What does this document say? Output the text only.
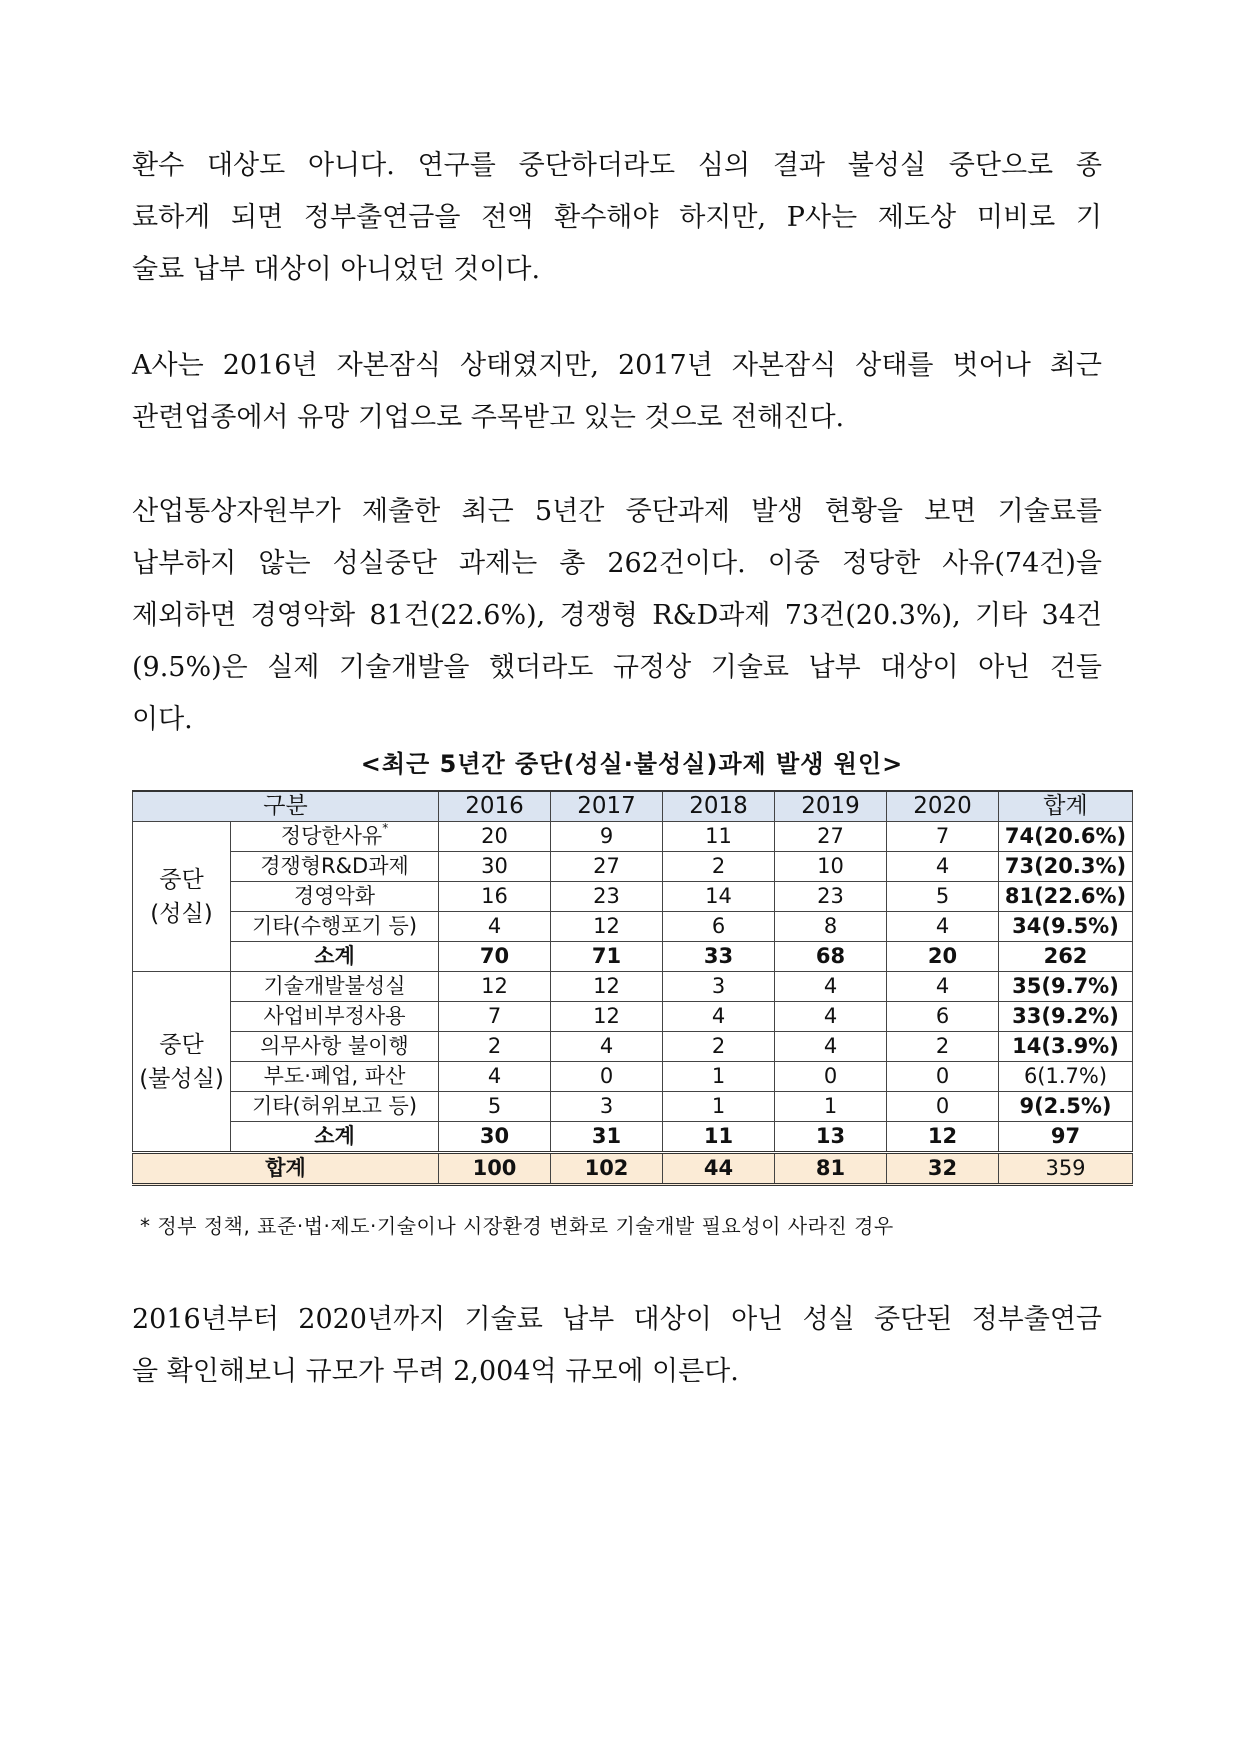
환수 대상도 아니다. 연구를 중단하더라도 심의 결과 불성실 중단으로 종
료하게 되면 정부출연금을 전액 환수해야 하지만, P사는 제도상 미비로 기
술료 납부 대상이 아니었던 것이다.
A사는 2016년 자본잠식 상태였지만, 2017년 자본잠식 상태를 벗어나 최근
관련업종에서 유망 기업으로 주목받고 있는 것으로 전해진다.
산업통상자원부가 제출한 최근 5년간 중단과제 발생 현황을 보면 기술료를
납부하지 않는 성실중단 과제는 총 262건이다. 이중 정당한 사유(74건)을
제외하면 경영악화 81건(22.6%), 경쟁형 R&D과제 73건(20.3%), 기타 34건
(9.5%)은 실제 기술개발을 했더라도 규정상 기술료 납부 대상이 아닌 건들
이다.
<최근 5년간 중단(성실·불성실)과제 발생 원인>
구분		2016	2017	2018	2019	2020	합계
중단
(성실)	정당한사유*	20	9	11	27	7	74(20.6%)
	경쟁형R&D과제	30	27	2	10	4	73(20.3%)
	경영악화	16	23	14	23	5	81(22.6%)
	기타(수행포기 등)	4	12	6	8	4	34(9.5%)
	소계	70	71	33	68	20	262
중단
(불성실)	기술개발불성실	12	12	3	4	4	35(9.7%)
	사업비부정사용	7	12	4	4	6	33(9.2%)
	의무사항 불이행	2	4	2	4	2	14(3.9%)
	부도·폐업, 파산	4	0	1	0	0	6(1.7%)
	기타(허위보고 등)	5	3	1	1	0	9(2.5%)
	소계	30	31	11	13	12	97
합계		100	102	44	81	32	359
* 정부 정책, 표준·법·제도·기술이나 시장환경 변화로 기술개발 필요성이 사라진 경우
2016년부터 2020년까지 기술료 납부 대상이 아닌 성실 중단된 정부출연금
을 확인해보니 규모가 무려 2,004억 규모에 이른다.
